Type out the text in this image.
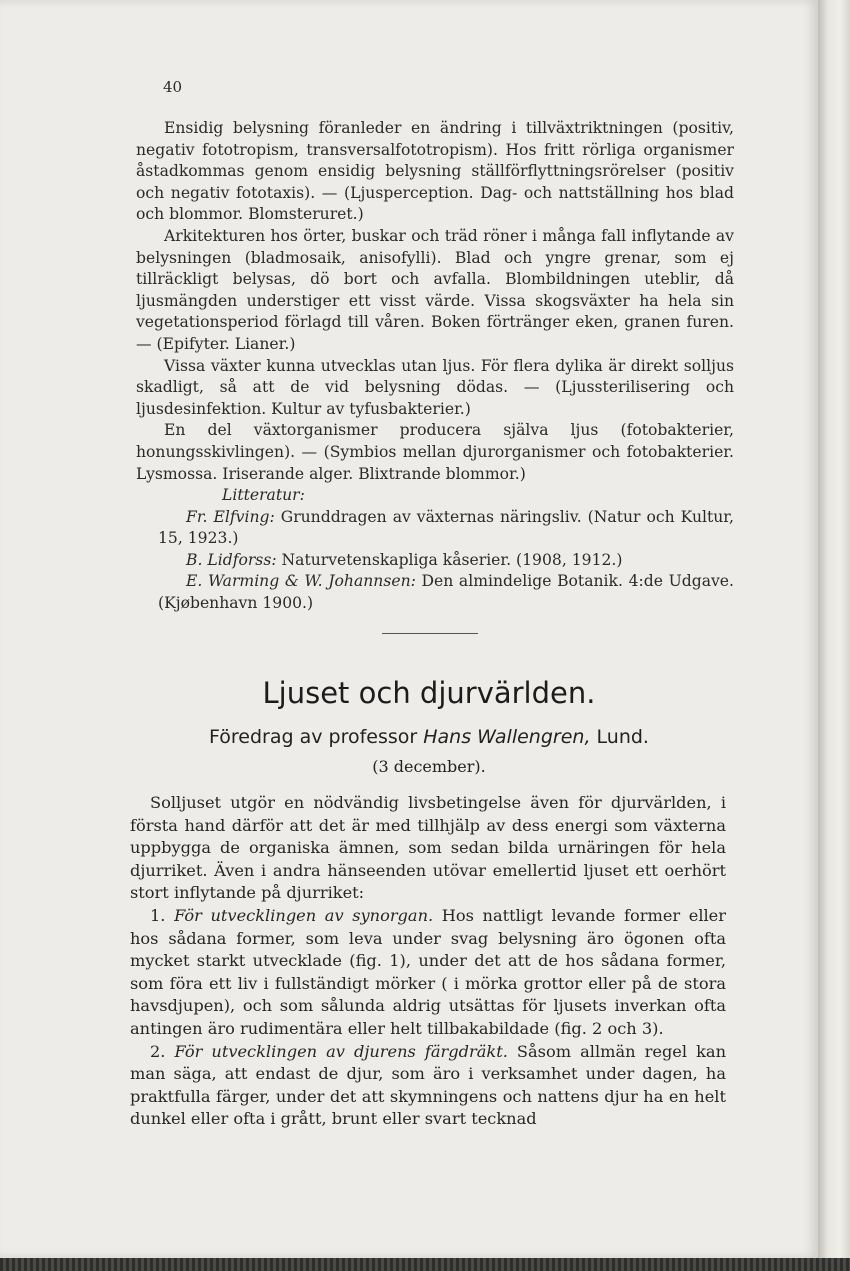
40

Ensidig belysning föranleder en ändring i tillväxtriktningen (positiv, negativ fototropism, transversalfototropism). Hos fritt rörliga organismer åstadkommas genom ensidig belysning ställförflyttningsrörelser (positiv och negativ fototaxis). — (Ljusperception. Dag- och nattställning hos blad och blommor. Blomsteruret.)

Arkitekturen hos örter, buskar och träd röner i många fall inflytande av belysningen (bladmosaik, anisofylli). Blad och yngre grenar, som ej tillräckligt belysas, dö bort och avfalla. Blombildningen uteblir, då ljusmängden understiger ett visst värde. Vissa skogsväxter ha hela sin vegetationsperiod förlagd till våren. Boken förtränger eken, granen furen. — (Epifyter. Lianer.)

Vissa växter kunna utvecklas utan ljus. För flera dylika är direkt solljus skadligt, så att de vid belysning dödas. — (Ljussterilisering och ljusdesinfektion. Kultur av tyfusbakterier.)

En del växtorganismer producera själva ljus (fotobakterier, honungsskivlingen). — (Symbios mellan djurorganismer och fotobakterier. Lysmossa. Iriserande alger. Blixtrande blommor.)

Litteratur:

Fr. Elfving: Grunddragen av växternas näringsliv. (Natur och Kultur, 15, 1923.)

B. Lidforss: Naturvetenskapliga kåserier. (1908, 1912.)

E. Warming & W. Johannsen: Den almindelige Botanik. 4:de Udgave. (Kjøbenhavn 1900.)

Ljuset och djurvärlden.
Föredrag av professor Hans Wallengren, Lund.
(3 december).

Solljuset utgör en nödvändig livsbetingelse även för djurvärlden, i första hand därför att det är med tillhjälp av dess energi som växterna uppbygga de organiska ämnen, som sedan bilda urnäringen för hela djurriket. Även i andra hänseenden utövar emellertid ljuset ett oerhört stort inflytande på djurriket:

1. För utvecklingen av synorgan. Hos nattligt levande former eller hos sådana former, som leva under svag belysning äro ögonen ofta mycket starkt utvecklade (fig. 1), under det att de hos sådana former, som föra ett liv i fullständigt mörker ( i mörka grottor eller på de stora havsdjupen), och som sålunda aldrig utsättas för ljusets inverkan ofta antingen äro rudimentära eller helt tillbakabildade (fig. 2 och 3).

2. För utvecklingen av djurens färgdräkt. Såsom allmän regel kan man säga, att endast de djur, som äro i verksamhet under dagen, ha praktfulla färger, under det att skymningens och nattens djur ha en helt dunkel eller ofta i grått, brunt eller svart tecknad
